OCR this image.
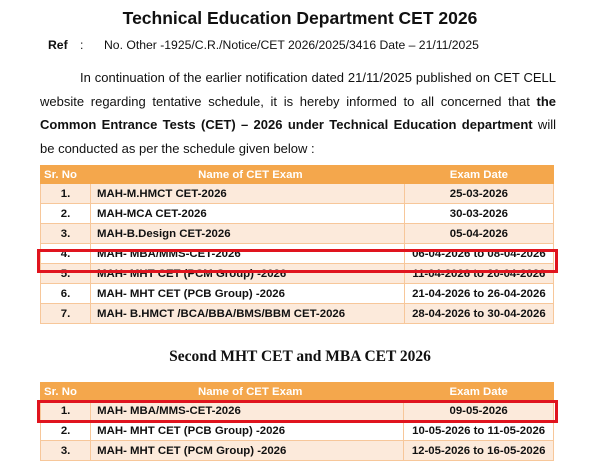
Technical Education Department CET 2026
Ref	:	No. Other -1925/C.R./Notice/CET 2026/2025/3416 Date – 21/11/2025
In continuation of the earlier notification dated 21/11/2025 published on CET CELL website regarding tentative schedule, it is hereby informed to all concerned that the Common Entrance Tests (CET) – 2026 under Technical Education department will be conducted as per the schedule given below :
Sr. No	Name of CET Exam	Exam Date
1.	MAH-M.HMCT CET-2026	25-03-2026
2.	MAH-MCA CET-2026	30-03-2026
3.	MAH-B.Design CET-2026	05-04-2026
4.	MAH- MBA/MMS-CET-2026	06-04-2026 to 08-04-2026
5.	MAH- MHT CET (PCM Group) -2026	11-04-2026 to 20-04-2026
6.	MAH- MHT CET (PCB Group) -2026	21-04-2026 to 26-04-2026
7.	MAH- B.HMCT /BCA/BBA/BMS/BBM CET-2026	28-04-2026 to 30-04-2026
Second MHT CET and MBA CET 2026
Sr. No	Name of CET Exam	Exam Date
1.	MAH- MBA/MMS-CET-2026	09-05-2026
2.	MAH- MHT CET (PCB Group) -2026	10-05-2026 to 11-05-2026
3.	MAH- MHT CET (PCM Group) -2026	12-05-2026 to 16-05-2026
